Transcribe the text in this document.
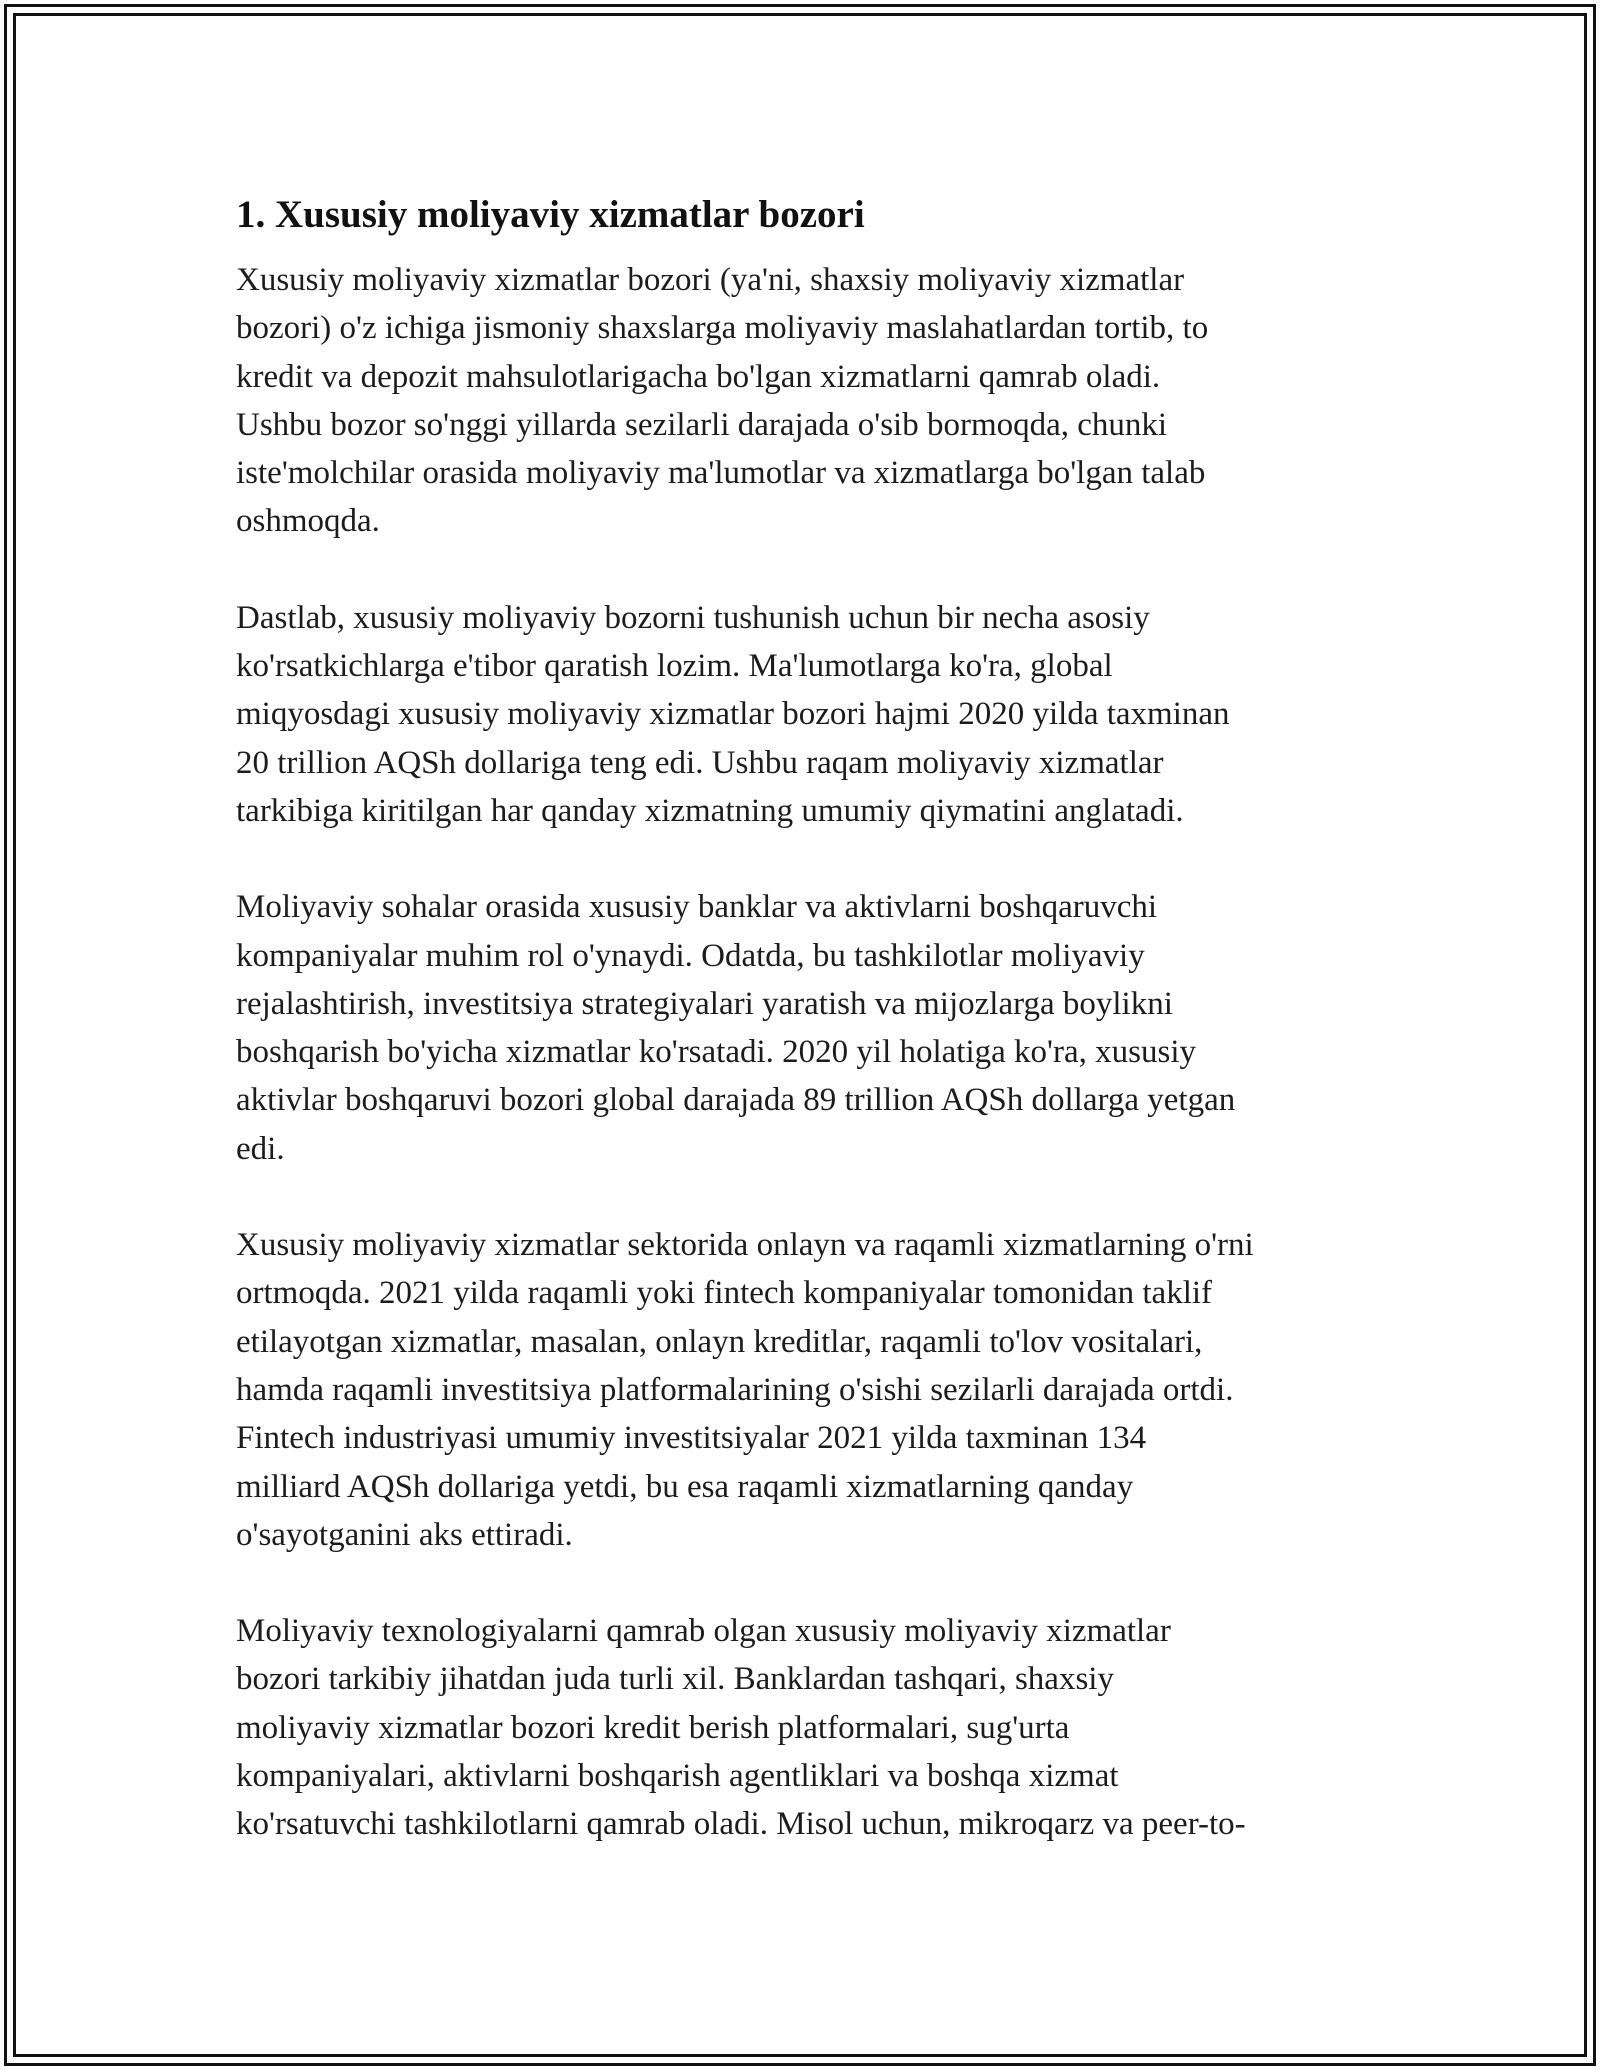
1. Xususiy moliyaviy xizmatlar bozori

Xususiy moliyaviy xizmatlar bozori (ya'ni, shaxsiy moliyaviy xizmatlar
bozori) o'z ichiga jismoniy shaxslarga moliyaviy maslahatlardan tortib, to
kredit va depozit mahsulotlarigacha bo'lgan xizmatlarni qamrab oladi.
Ushbu bozor so'nggi yillarda sezilarli darajada o'sib bormoqda, chunki
iste'molchilar orasida moliyaviy ma'lumotlar va xizmatlarga bo'lgan talab
oshmoqda.

Dastlab, xususiy moliyaviy bozorni tushunish uchun bir necha asosiy
ko'rsatkichlarga e'tibor qaratish lozim. Ma'lumotlarga ko'ra, global
miqyosdagi xususiy moliyaviy xizmatlar bozori hajmi 2020 yilda taxminan
20 trillion AQSh dollariga teng edi. Ushbu raqam moliyaviy xizmatlar
tarkibiga kiritilgan har qanday xizmatning umumiy qiymatini anglatadi.

Moliyaviy sohalar orasida xususiy banklar va aktivlarni boshqaruvchi
kompaniyalar muhim rol o'ynaydi. Odatda, bu tashkilotlar moliyaviy
rejalashtirish, investitsiya strategiyalari yaratish va mijozlarga boylikni
boshqarish bo'yicha xizmatlar ko'rsatadi. 2020 yil holatiga ko'ra, xususiy
aktivlar boshqaruvi bozori global darajada 89 trillion AQSh dollarga yetgan
edi.

Xususiy moliyaviy xizmatlar sektorida onlayn va raqamli xizmatlarning o'rni
ortmoqda. 2021 yilda raqamli yoki fintech kompaniyalar tomonidan taklif
etilayotgan xizmatlar, masalan, onlayn kreditlar, raqamli to'lov vositalari,
hamda raqamli investitsiya platformalarining o'sishi sezilarli darajada ortdi.
Fintech industriyasi umumiy investitsiyalar 2021 yilda taxminan 134
milliard AQSh dollariga yetdi, bu esa raqamli xizmatlarning qanday
o'sayotganini aks ettiradi.

Moliyaviy texnologiyalarni qamrab olgan xususiy moliyaviy xizmatlar
bozori tarkibiy jihatdan juda turli xil. Banklardan tashqari, shaxsiy
moliyaviy xizmatlar bozori kredit berish platformalari, sug'urta
kompaniyalari, aktivlarni boshqarish agentliklari va boshqa xizmat
ko'rsatuvchi tashkilotlarni qamrab oladi. Misol uchun, mikroqarz va peer-to-
